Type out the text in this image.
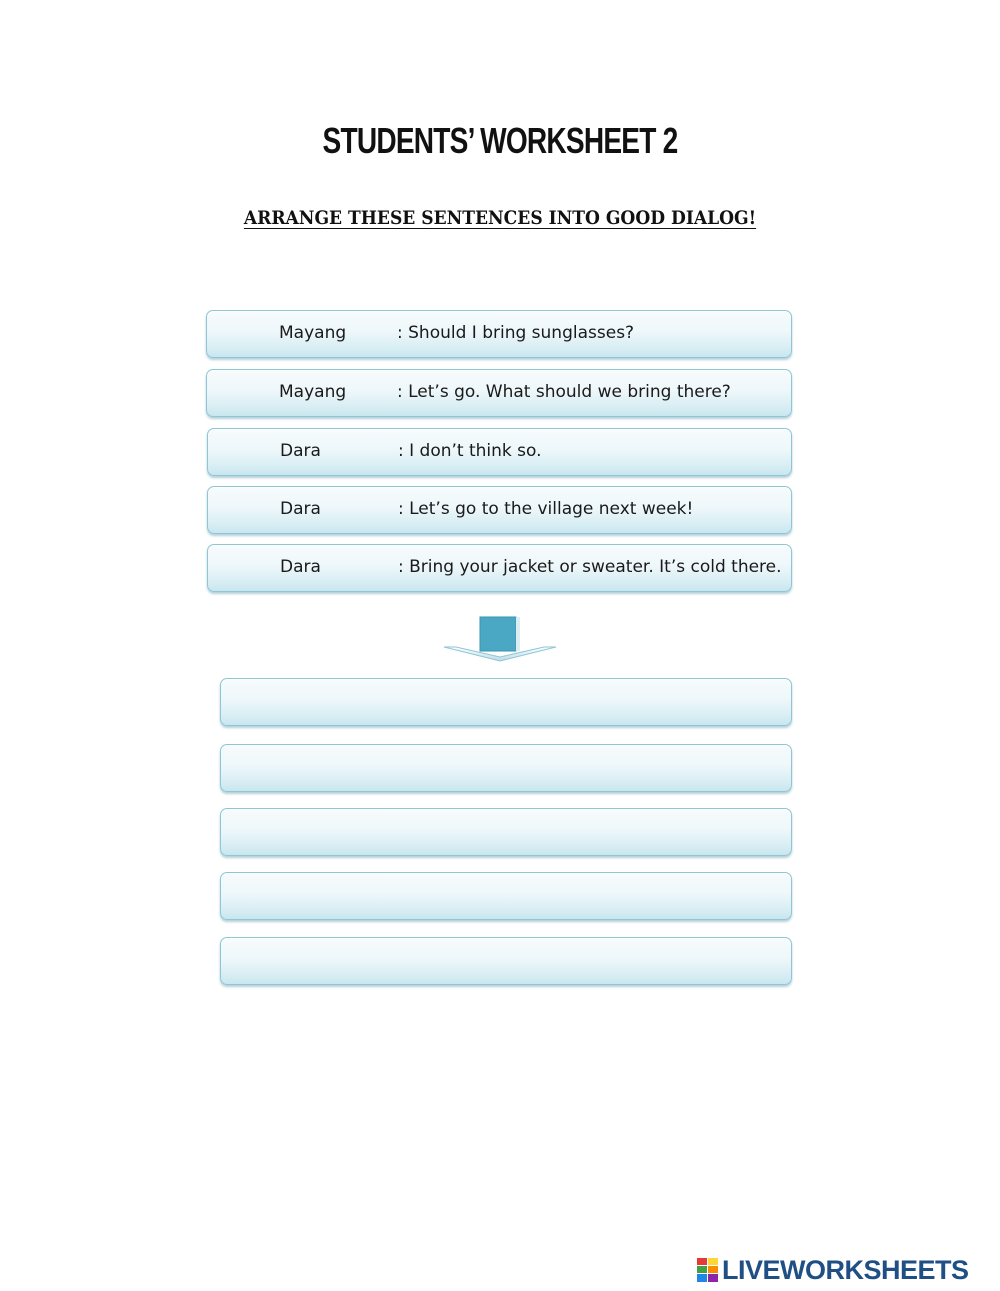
STUDENTS’ WORKSHEET 2
ARRANGE THESE SENTENCES INTO GOOD DIALOG!
Mayang	: Should I bring sunglasses?
Mayang	: Let’s go. What should we bring there?
Dara	: I don’t think so.
Dara	: Let’s go to the village next week!
Dara	: Bring your jacket or sweater. It’s cold there.
LIVEWORKSHEETS
